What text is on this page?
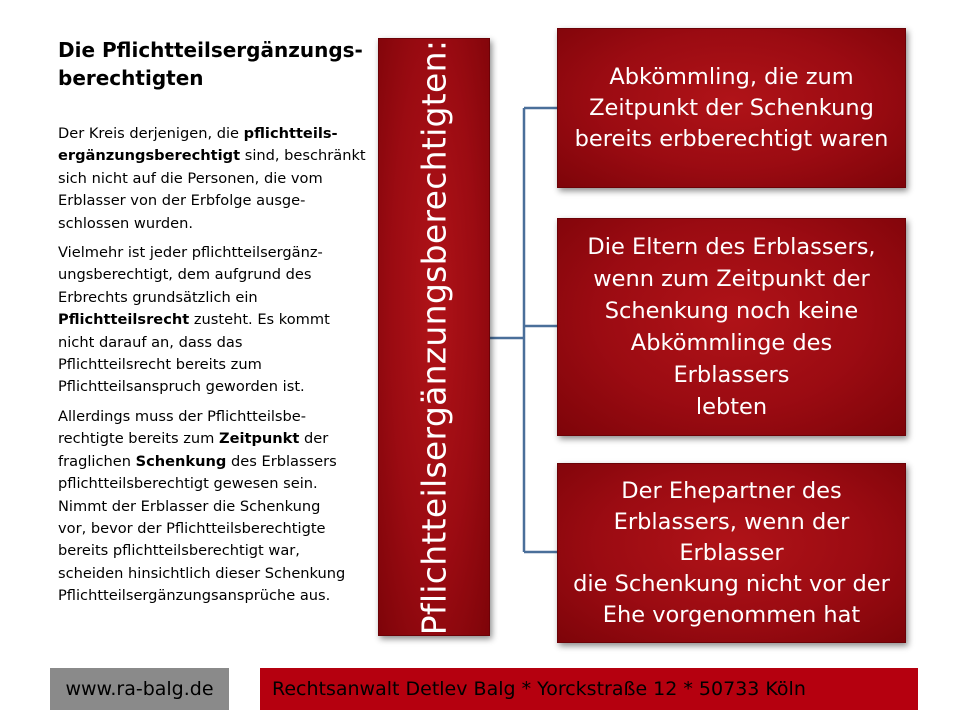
Die Pflichtteilsergänzungs-
berechtigten

Der Kreis derjenigen, die pflichtteils-
ergänzungsberechtigt sind, beschränkt
sich nicht auf die Personen, die vom
Erblasser von der Erbfolge ausge-
schlossen wurden.

Vielmehr ist jeder pflichtteilsergänz-
ungsberechtigt, dem aufgrund des
Erbrechts grundsätzlich ein
Pflichtteilsrecht zusteht. Es kommt
nicht darauf an, dass das
Pflichtteilsrecht bereits zum
Pflichtteilsanspruch geworden ist.

Allerdings muss der Pflichtteilsbe-
rechtigte bereits zum Zeitpunkt der
fraglichen Schenkung des Erblassers
pflichtteilsberechtigt gewesen sein.
Nimmt der Erblasser die Schenkung
vor, bevor der Pflichtteilsberechtigte
bereits pflichtteilsberechtigt war,
scheiden hinsichtlich dieser Schenkung
Pflichtteilsergänzungsansprüche aus.	Pflichtteilsergänzungsberechtigten:	Abkömmling, die zum
Zeitpunkt der Schenkung
bereits erbberechtigt waren
Die Eltern des Erblassers,
wenn zum Zeitpunkt der
Schenkung noch keine
Abkömmlinge des Erblassers
lebten
Der Ehepartner des
Erblassers, wenn der Erblasser
die Schenkung nicht vor der
Ehe vorgenommen hat
www.ra-balg.de	Rechtsanwalt Detlev Balg * Yorckstraße 12 * 50733 Köln
